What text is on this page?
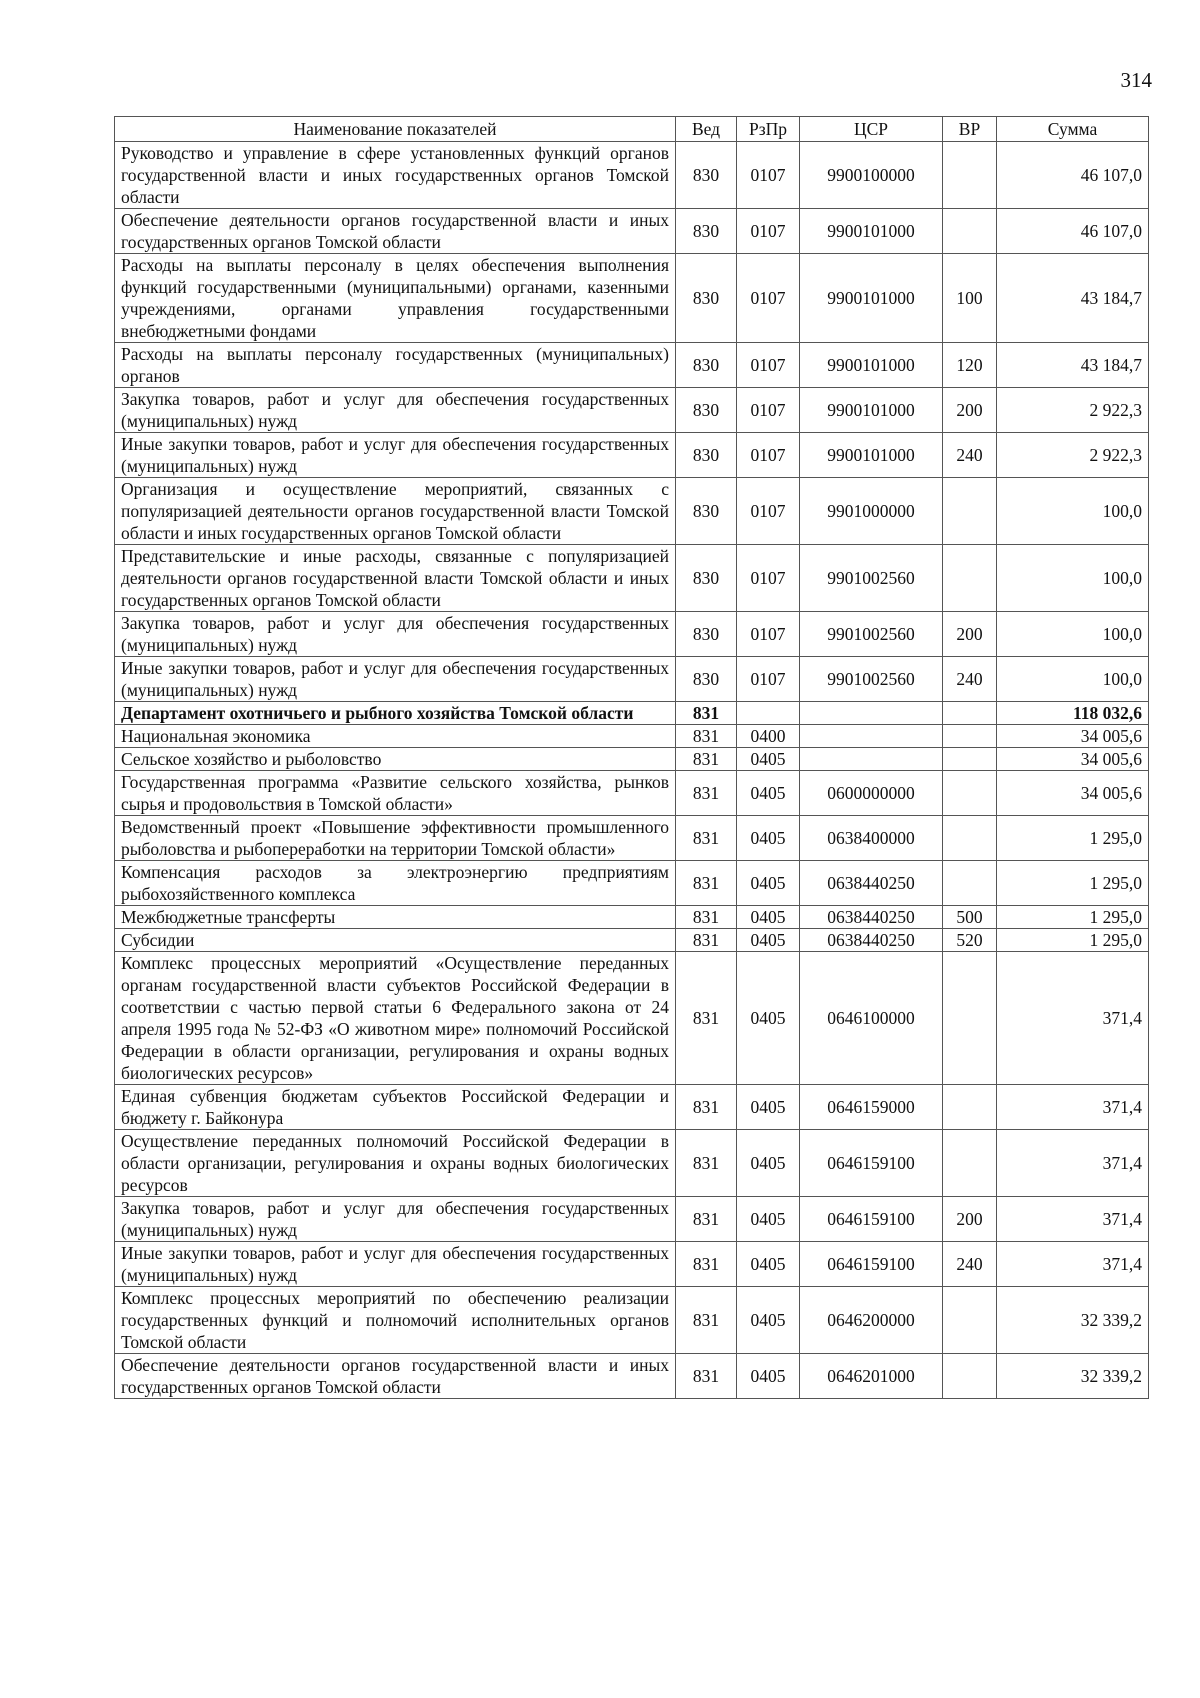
314
Наименование показателей	Вед	РзПр	ЦСР	ВР	Сумма
Руководство и управление в сфере установленных функций органов государственной власти и иных государственных органов Томской области	830	0107	9900100000		46 107,0
Обеспечение деятельности органов государственной власти и иных государственных органов Томской области	830	0107	9900101000		46 107,0
Расходы на выплаты персоналу в целях обеспечения выполнения функций государственными (муниципальными) органами, казенными учреждениями, органами управления государственными внебюджетными фондами	830	0107	9900101000	100	43 184,7
Расходы на выплаты персоналу государственных (муниципальных) органов	830	0107	9900101000	120	43 184,7
Закупка товаров, работ и услуг для обеспечения государственных (муниципальных) нужд	830	0107	9900101000	200	2 922,3
Иные закупки товаров, работ и услуг для обеспечения государственных (муниципальных) нужд	830	0107	9900101000	240	2 922,3
Организация и осуществление мероприятий, связанных с популяризацией деятельности органов государственной власти Томской области и иных государственных органов Томской области	830	0107	9901000000		100,0
Представительские и иные расходы, связанные с популяризацией деятельности органов государственной власти Томской области и иных государственных органов Томской области	830	0107	9901002560		100,0
Закупка товаров, работ и услуг для обеспечения государственных (муниципальных) нужд	830	0107	9901002560	200	100,0
Иные закупки товаров, работ и услуг для обеспечения государственных (муниципальных) нужд	830	0107	9901002560	240	100,0
Департамент охотничьего и рыбного хозяйства Томской области	831				118 032,6
Национальная экономика	831	0400			34 005,6
Сельское хозяйство и рыболовство	831	0405			34 005,6
Государственная программа «Развитие сельского хозяйства, рынков сырья и продовольствия в Томской области»	831	0405	0600000000		34 005,6
Ведомственный проект «Повышение эффективности промышленного рыболовства и рыбопереработки на территории Томской области»	831	0405	0638400000		1 295,0
Компенсация расходов за электроэнергию предприятиям рыбохозяйственного комплекса	831	0405	0638440250		1 295,0
Межбюджетные трансферты	831	0405	0638440250	500	1 295,0
Субсидии	831	0405	0638440250	520	1 295,0
Комплекс процессных мероприятий «Осуществление переданных органам государственной власти субъектов Российской Федерации в соответствии с частью первой статьи 6 Федерального закона от 24 апреля 1995 года № 52-ФЗ «О животном мире» полномочий Российской Федерации в области организации, регулирования и охраны водных биологических ресурсов»	831	0405	0646100000		371,4
Единая субвенция бюджетам субъектов Российской Федерации и бюджету г. Байконура	831	0405	0646159000		371,4
Осуществление переданных полномочий Российской Федерации в области организации, регулирования и охраны водных биологических ресурсов	831	0405	0646159100		371,4
Закупка товаров, работ и услуг для обеспечения государственных (муниципальных) нужд	831	0405	0646159100	200	371,4
Иные закупки товаров, работ и услуг для обеспечения государственных (муниципальных) нужд	831	0405	0646159100	240	371,4
Комплекс процессных мероприятий по обеспечению реализации государственных функций и полномочий исполнительных органов Томской области	831	0405	0646200000		32 339,2
Обеспечение деятельности органов государственной власти и иных государственных органов Томской области	831	0405	0646201000		32 339,2
